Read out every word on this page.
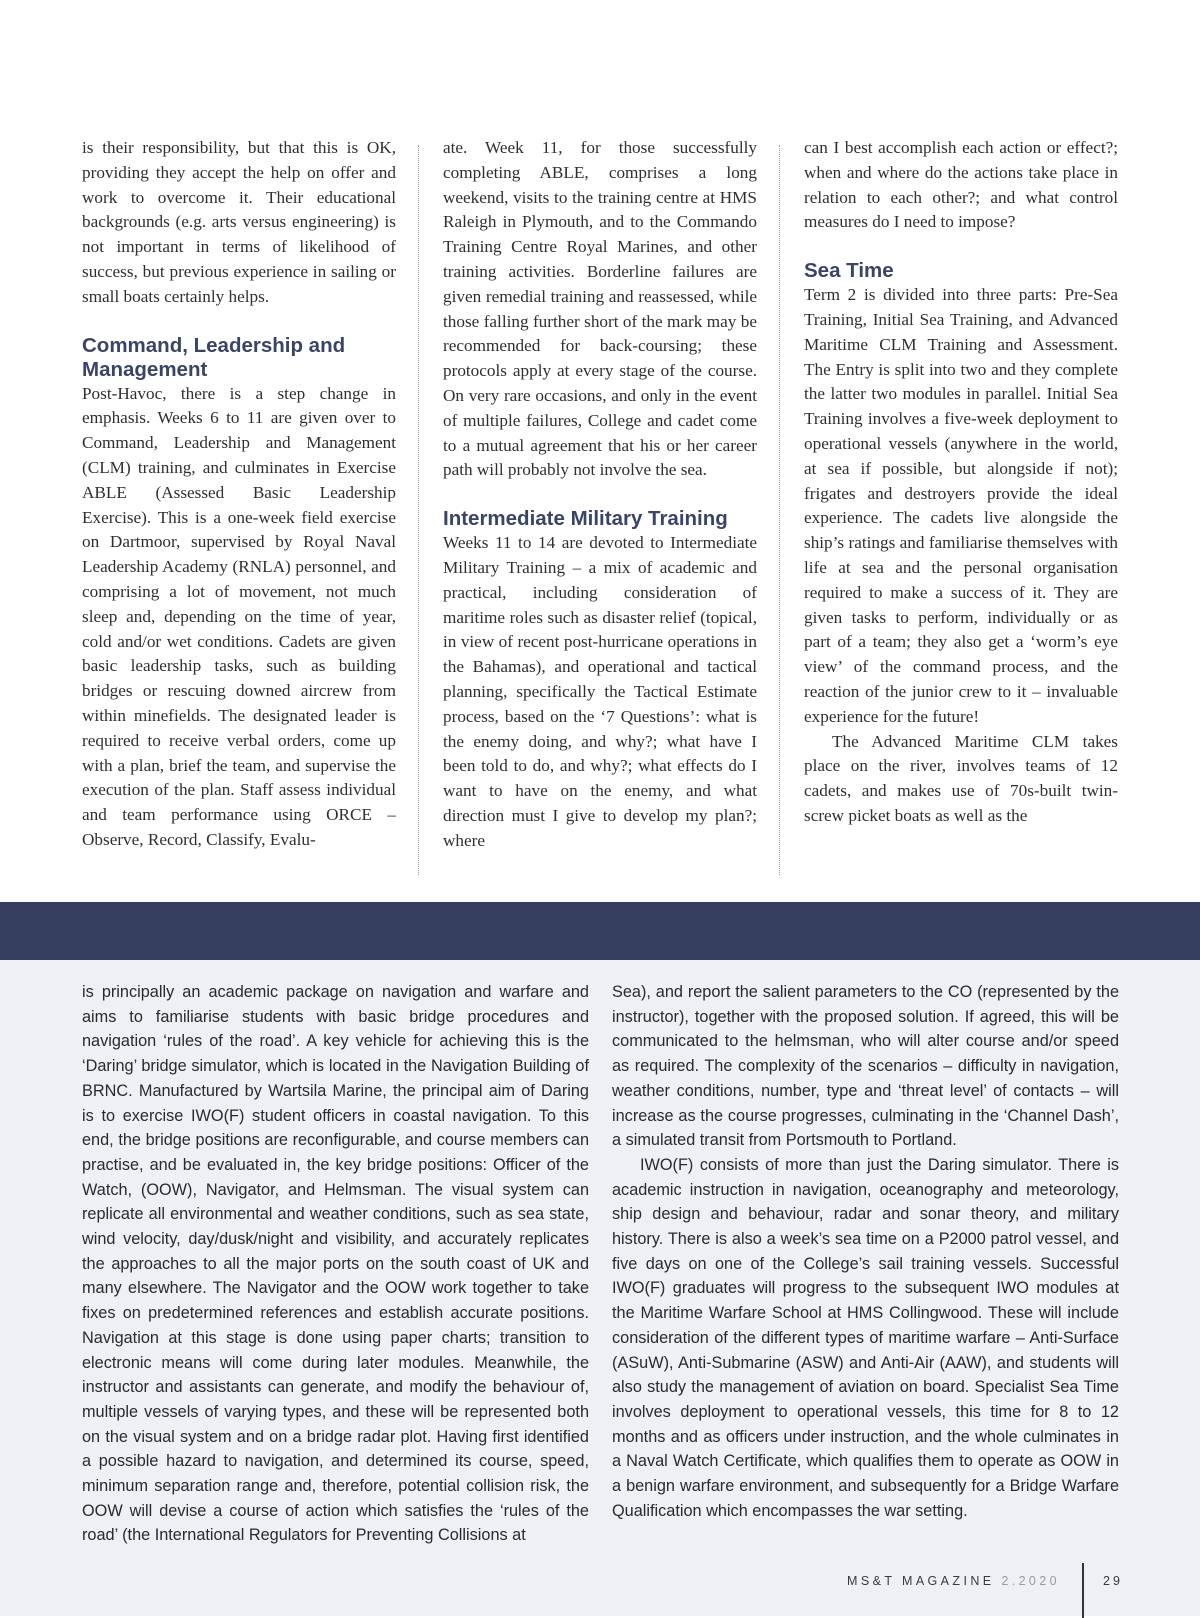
is their responsibility, but that this is OK, providing they accept the help on offer and work to overcome it. Their educational backgrounds (e.g. arts versus engineering) is not important in terms of likelihood of success, but previous experience in sailing or small boats certainly helps.

Command, Leadership and Management

Post-Havoc, there is a step change in emphasis. Weeks 6 to 11 are given over to Command, Leadership and Management (CLM) training, and culminates in Exercise ABLE (Assessed Basic Leadership Exercise). This is a one-week field exercise on Dartmoor, supervised by Royal Naval Leadership Academy (RNLA) personnel, and comprising a lot of movement, not much sleep and, depending on the time of year, cold and/or wet conditions. Cadets are given basic leadership tasks, such as building bridges or rescuing downed aircrew from within minefields. The designated leader is required to receive verbal orders, come up with a plan, brief the team, and supervise the execution of the plan. Staff assess individual and team performance using ORCE – Observe, Record, Classify, Evalu-

ate. Week 11, for those successfully completing ABLE, comprises a long weekend, visits to the training centre at HMS Raleigh in Plymouth, and to the Commando Training Centre Royal Marines, and other training activities. Borderline failures are given remedial training and reassessed, while those falling further short of the mark may be recommended for back-coursing; these protocols apply at every stage of the course. On very rare occasions, and only in the event of multiple failures, College and cadet come to a mutual agreement that his or her career path will probably not involve the sea.

Intermediate Military Training

Weeks 11 to 14 are devoted to Intermediate Military Training – a mix of academic and practical, including consideration of maritime roles such as disaster relief (topical, in view of recent post-hurricane operations in the Bahamas), and operational and tactical planning, specifically the Tactical Estimate process, based on the ‘7 Questions’: what is the enemy doing, and why?; what have I been told to do, and why?; what effects do I want to have on the enemy, and what direction must I give to develop my plan?; where

can I best accomplish each action or effect?; when and where do the actions take place in relation to each other?; and what control measures do I need to impose?

Sea Time

Term 2 is divided into three parts: Pre-Sea Training, Initial Sea Training, and Advanced Maritime CLM Training and Assessment. The Entry is split into two and they complete the latter two modules in parallel. Initial Sea Training involves a five-week deployment to operational vessels (anywhere in the world, at sea if possible, but alongside if not); frigates and destroyers provide the ideal experience. The cadets live alongside the ship’s ratings and familiarise themselves with life at sea and the personal organisation required to make a success of it. They are given tasks to perform, individually or as part of a team; they also get a ‘worm’s eye view’ of the command process, and the reaction of the junior crew to it – invaluable experience for the future!

The Advanced Maritime CLM takes place on the river, involves teams of 12 cadets, and makes use of 70s-built twin-screw picket boats as well as the

is principally an academic package on navigation and warfare and aims to familiarise students with basic bridge procedures and navigation ‘rules of the road’. A key vehicle for achieving this is the ‘Daring’ bridge simulator, which is located in the Navigation Building of BRNC. Manufactured by Wartsila Marine, the principal aim of Daring is to exercise IWO(F) student officers in coastal navigation. To this end, the bridge positions are reconfigurable, and course members can practise, and be evaluated in, the key bridge positions: Officer of the Watch, (OOW), Navigator, and Helmsman. The visual system can replicate all environmental and weather conditions, such as sea state, wind velocity, day/dusk/night and visibility, and accurately replicates the approaches to all the major ports on the south coast of UK and many elsewhere. The Navigator and the OOW work together to take fixes on predetermined references and establish accurate positions. Navigation at this stage is done using paper charts; transition to electronic means will come during later modules. Meanwhile, the instructor and assistants can generate, and modify the behaviour of, multiple vessels of varying types, and these will be represented both on the visual system and on a bridge radar plot. Having first identified a possible hazard to navigation, and determined its course, speed, minimum separation range and, therefore, potential collision risk, the OOW will devise a course of action which satisfies the ‘rules of the road’ (the International Regulators for Preventing Collisions at

Sea), and report the salient parameters to the CO (represented by the instructor), together with the proposed solution. If agreed, this will be communicated to the helmsman, who will alter course and/or speed as required. The complexity of the scenarios – difficulty in navigation, weather conditions, number, type and ‘threat level’ of contacts – will increase as the course progresses, culminating in the ‘Channel Dash’, a simulated transit from Portsmouth to Portland.

IWO(F) consists of more than just the Daring simulator. There is academic instruction in navigation, oceanography and meteorology, ship design and behaviour, radar and sonar theory, and military history. There is also a week’s sea time on a P2000 patrol vessel, and five days on one of the College’s sail training vessels. Successful IWO(F) graduates will progress to the subsequent IWO modules at the Maritime Warfare School at HMS Collingwood. These will include consideration of the different types of maritime warfare – Anti-Surface (ASuW), Anti-Submarine (ASW) and Anti-Air (AAW), and students will also study the management of aviation on board. Specialist Sea Time involves deployment to operational vessels, this time for 8 to 12 months and as officers under instruction, and the whole culminates in a Naval Watch Certificate, which qualifies them to operate as OOW in a benign warfare environment, and subsequently for a Bridge Warfare Qualification which encompasses the war setting.

MS&T MAGAZINE 2.2020	29
